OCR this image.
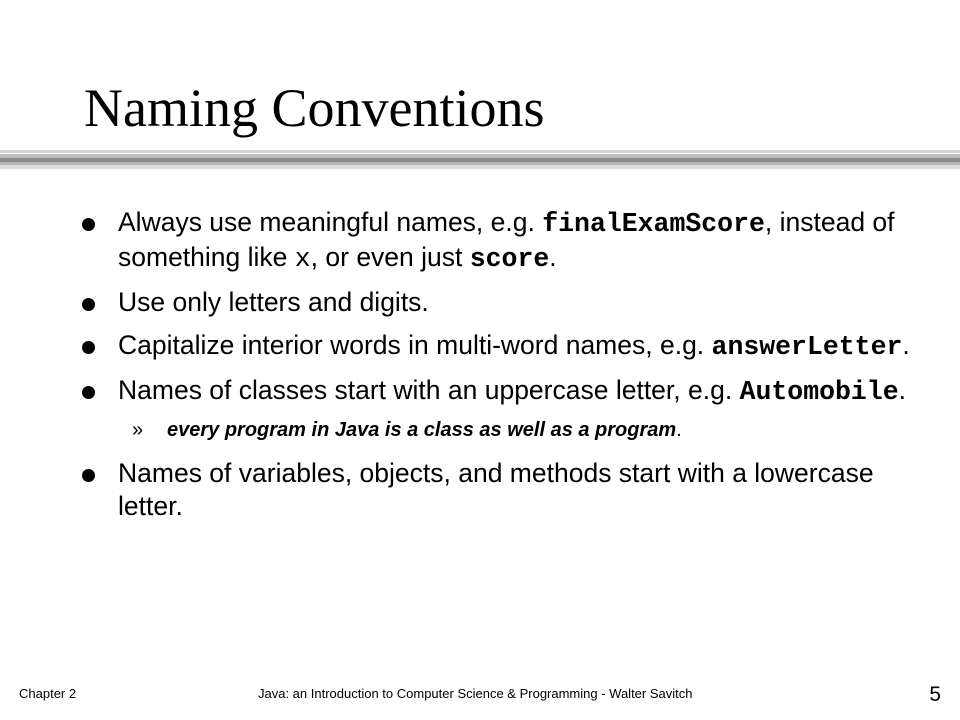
Naming Conventions
Always use meaningful names, e.g. finalExamScore, instead of something like x, or even just score.
Use only letters and digits.
Capitalize interior words in multi-word names, e.g. answerLetter.
Names of classes start with an uppercase letter, e.g. Automobile.
» every program in Java is a class as well as a program.
Names of variables, objects, and methods start with a lowercase letter.
Chapter 2	Java: an Introduction to Computer Science & Programming - Walter Savitch	5
